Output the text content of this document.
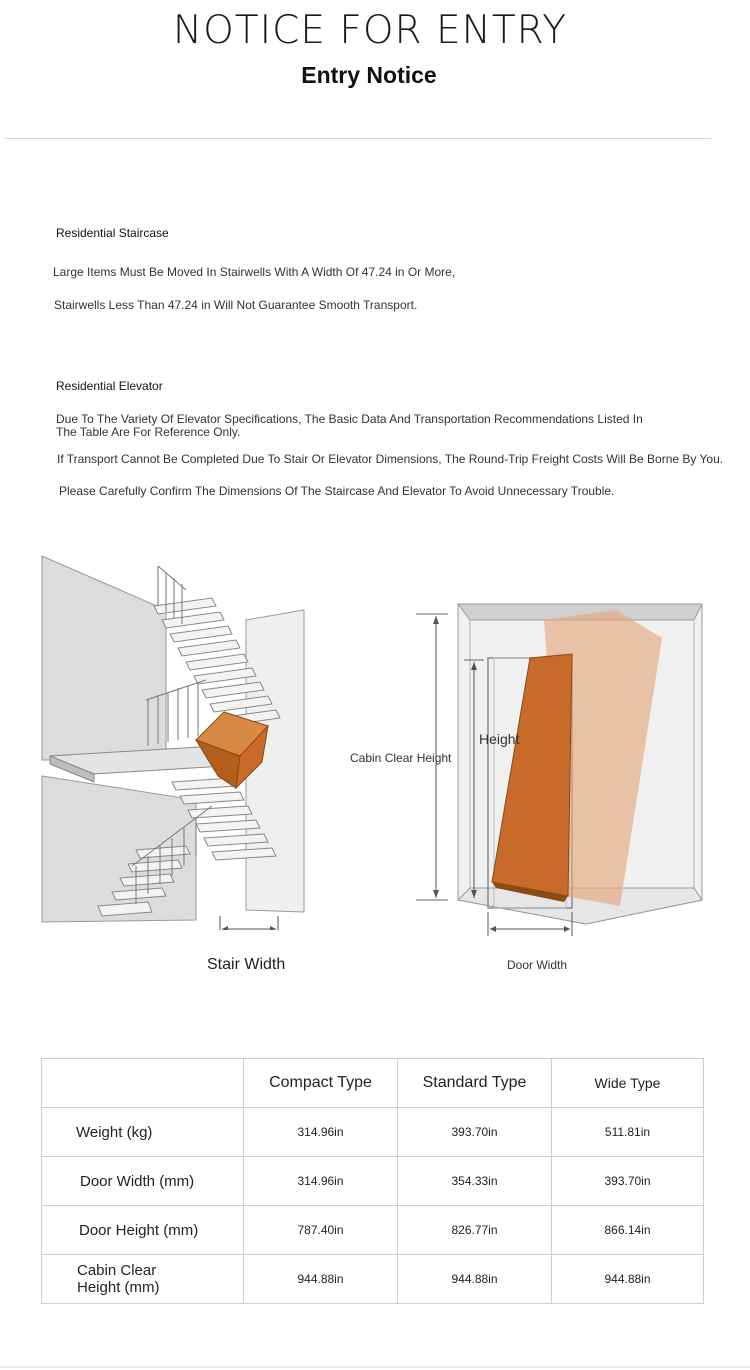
NOTICE FOR ENTRY
Entry Notice
Residential Staircase
Large Items Must Be Moved In Stairwells With A Width Of 47.24 in Or More,
Stairwells Less Than 47.24 in Will Not Guarantee Smooth Transport.
Residential Elevator
Due To The Variety Of Elevator Specifications, The Basic Data And Transportation Recommendations Listed In The Table Are For Reference Only.
If Transport Cannot Be Completed Due To Stair Or Elevator Dimensions, The Round-Trip Freight Costs Will Be Borne By You.
Please Carefully Confirm The Dimensions Of The Staircase And Elevator To Avoid Unnecessary Trouble.
Stair Width
Cabin Clear Height
Height
Door Width
	Compact Type	Standard Type	Wide Type
Weight (kg)	314.96in	393.70in	511.81in
Door Width (mm)	314.96in	354.33in	393.70in
Door Height (mm)	787.40in	826.77in	866.14in
Cabin Clear Height (mm)	944.88in	944.88in	944.88in
